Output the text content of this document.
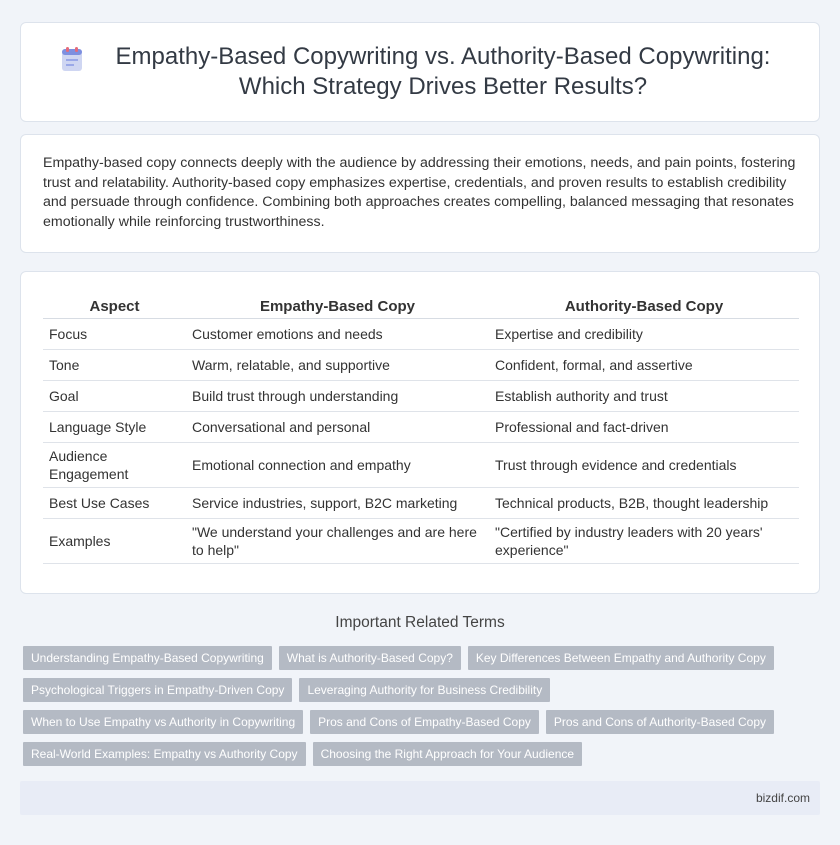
Empathy-Based Copywriting vs. Authority-Based Copywriting: Which Strategy Drives Better Results?

Empathy-based copy connects deeply with the audience by addressing their emotions, needs, and pain points, fostering trust and relatability. Authority-based copy emphasizes expertise, credentials, and proven results to establish credibility and persuade through confidence. Combining both approaches creates compelling, balanced messaging that resonates emotionally while reinforcing trustworthiness.

Aspect	Empathy-Based Copy	Authority-Based Copy
Focus	Customer emotions and needs	Expertise and credibility
Tone	Warm, relatable, and supportive	Confident, formal, and assertive
Goal	Build trust through understanding	Establish authority and trust
Language Style	Conversational and personal	Professional and fact-driven
Audience Engagement	Emotional connection and empathy	Trust through evidence and credentials
Best Use Cases	Service industries, support, B2C marketing	Technical products, B2B, thought leadership
Examples	"We understand your challenges and are here to help"	"Certified by industry leaders with 20 years' experience"
Important Related Terms
Understanding Empathy-Based Copywriting	What is Authority-Based Copy?	Key Differences Between Empathy and Authority Copy
Psychological Triggers in Empathy-Driven Copy	Leveraging Authority for Business Credibility
When to Use Empathy vs Authority in Copywriting	Pros and Cons of Empathy-Based Copy	Pros and Cons of Authority-Based Copy
Real-World Examples: Empathy vs Authority Copy	Choosing the Right Approach for Your Audience
bizdif.com
